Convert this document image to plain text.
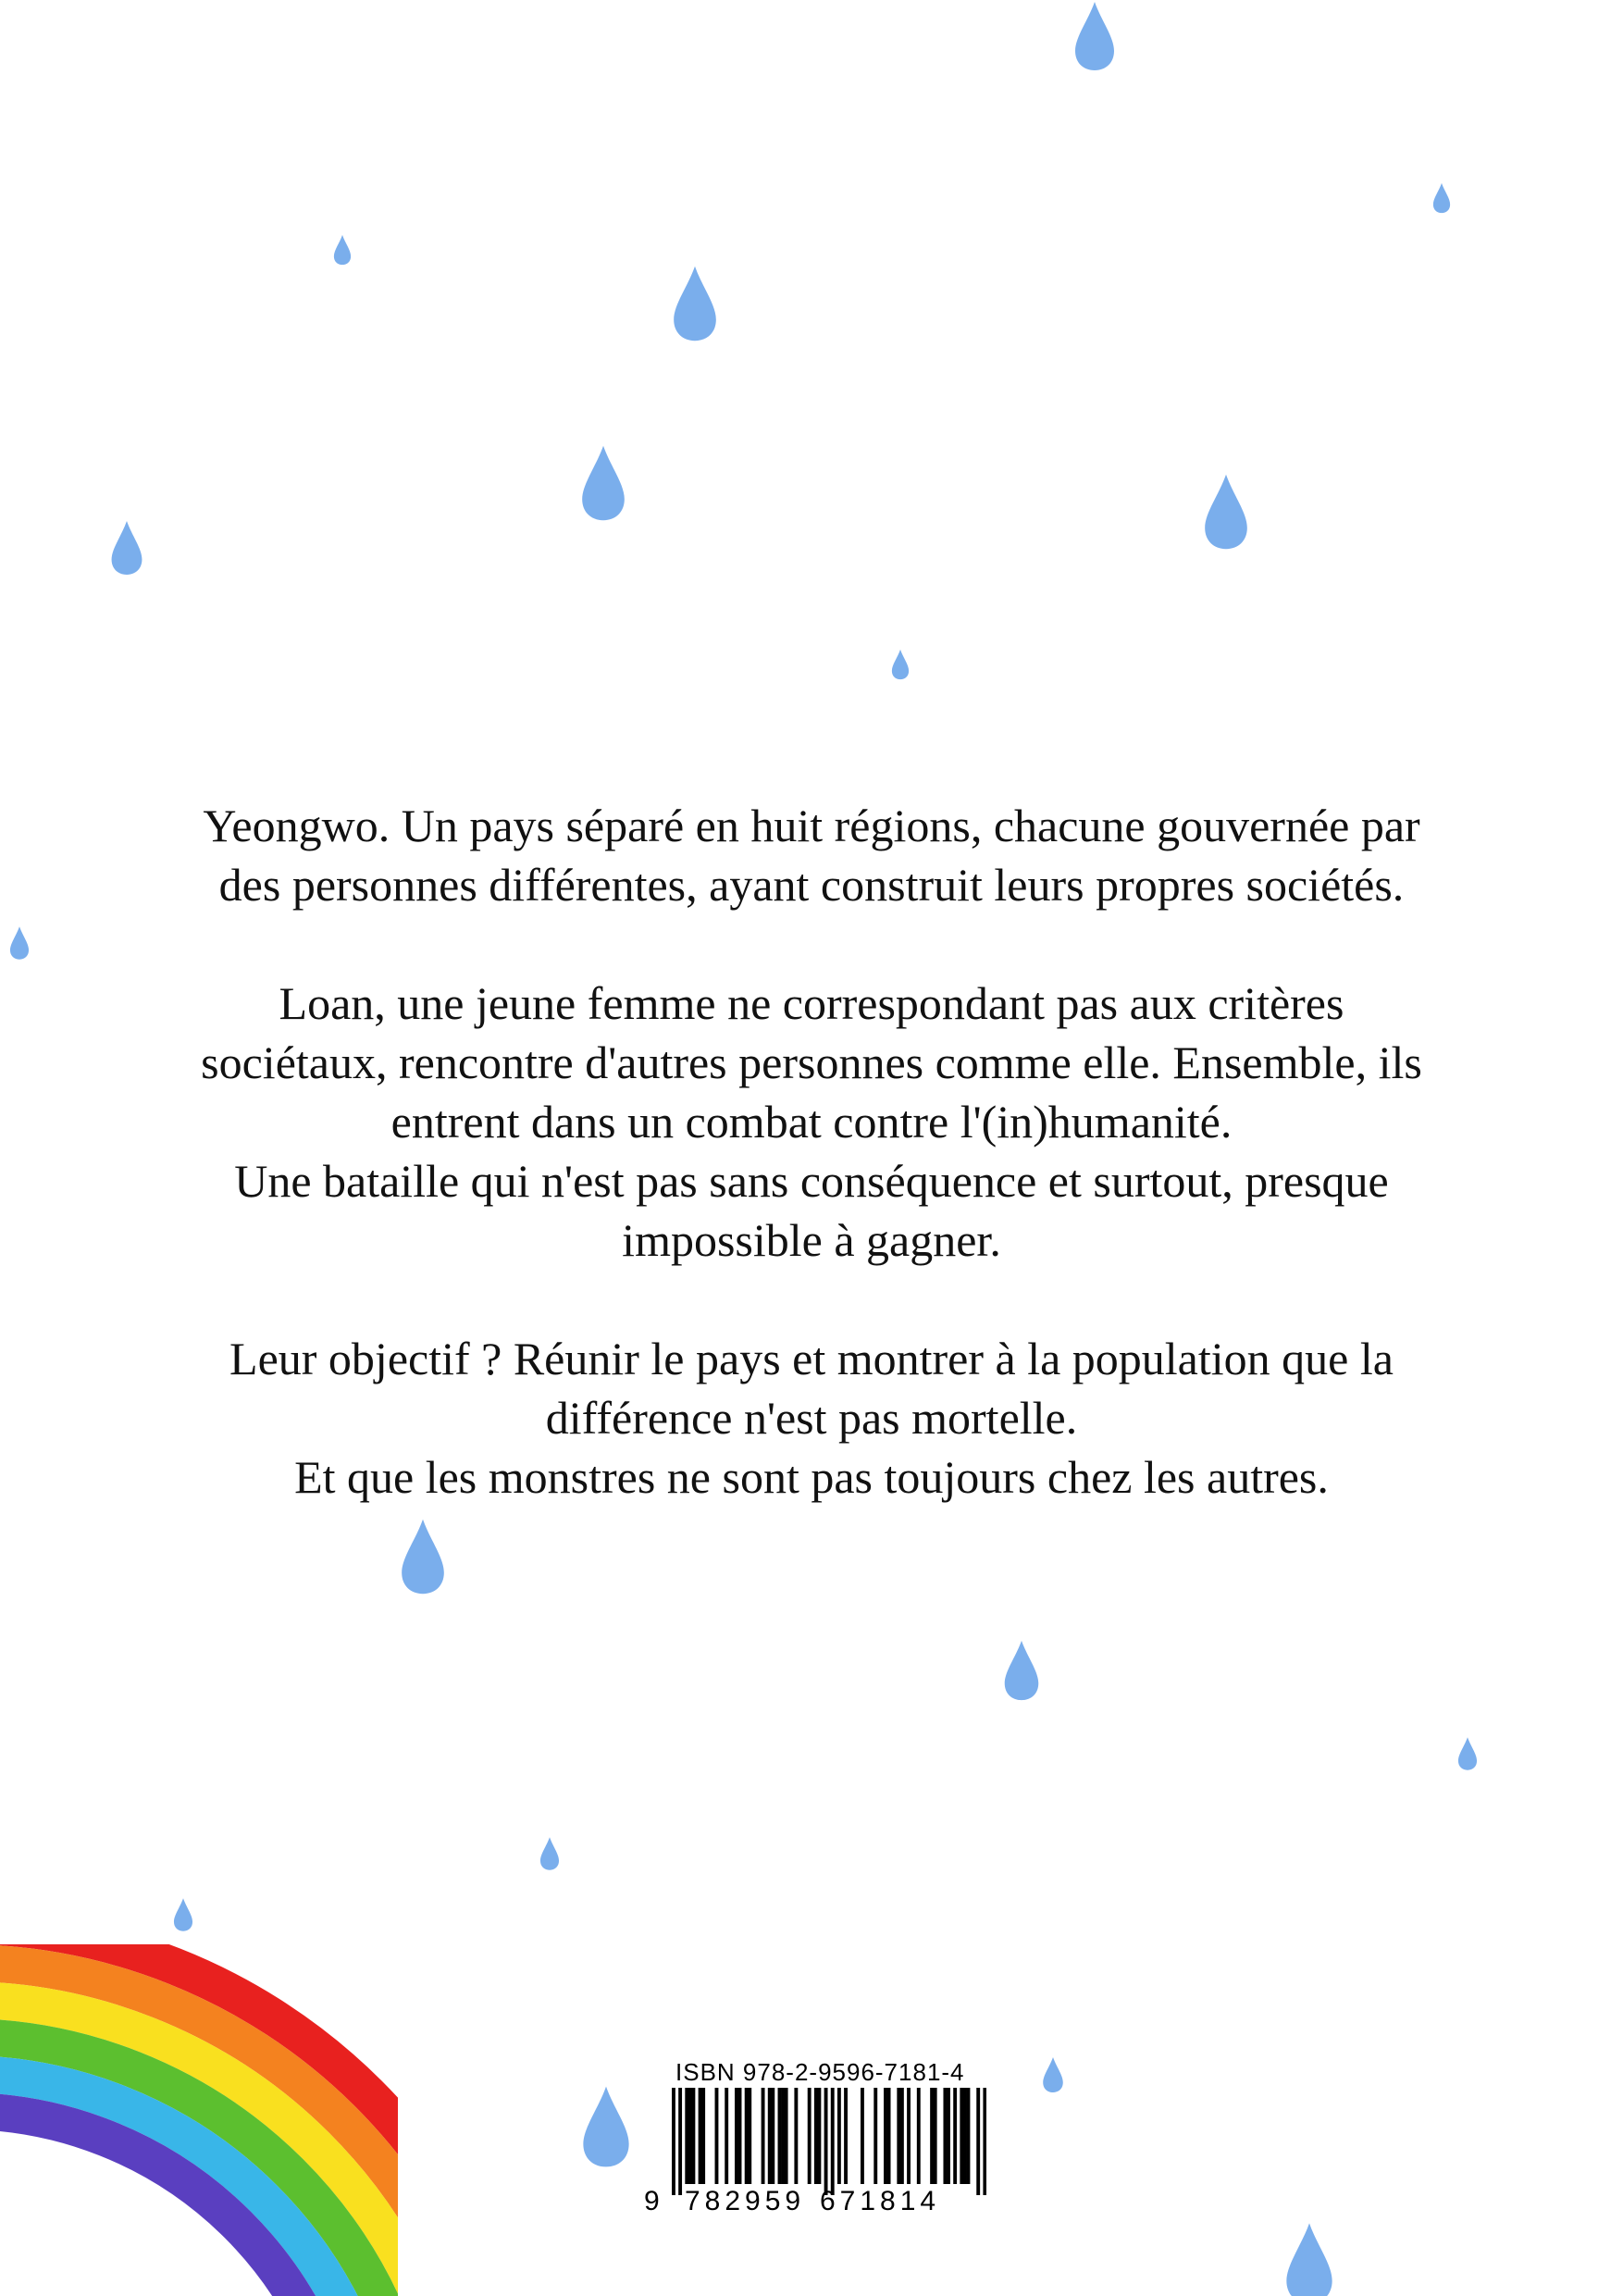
Yeongwo. Un pays séparé en huit régions, chacune gouvernée par

des personnes différentes, ayant construit leurs propres sociétés.

Loan, une jeune femme ne correspondant pas aux critères

sociétaux, rencontre d'autres personnes comme elle. Ensemble, ils

entrent dans un combat contre l'(in)humanité.

Une bataille qui n'est pas sans conséquence et surtout, presque

impossible à gagner.

Leur objectif ? Réunir le pays et montrer à la population que la

différence n'est pas mortelle.

Et que les monstres ne sont pas toujours chez les autres.

ISBN 978-2-9596-7181-4
9 782959 671814
